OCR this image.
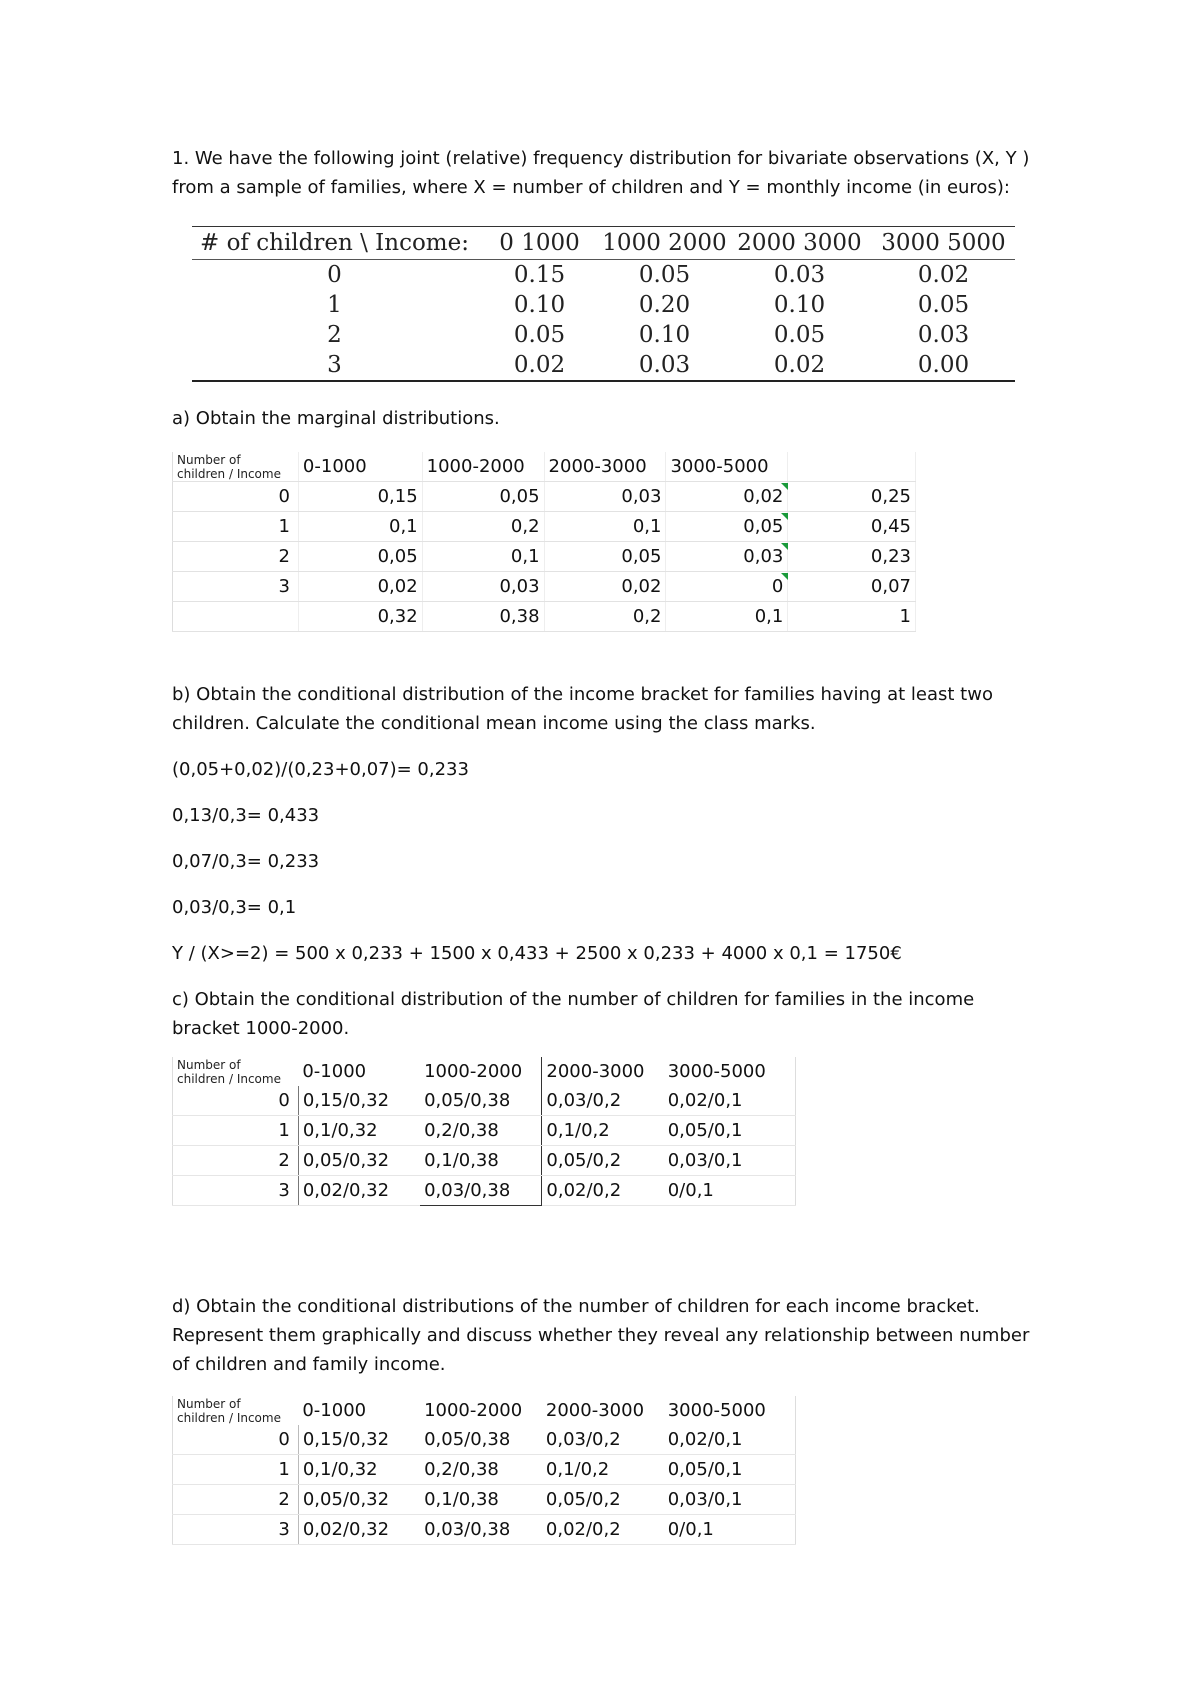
1. We have the following joint (relative) frequency distribution for bivariate observations (X, Y )

from a sample of families, where X = number of children and Y = monthly income (in euros):

# of children \ Income:	0 1000	1000 2000	2000 3000	3000 5000
0	0.15	0.05	0.03	0.02
1	0.10	0.20	0.10	0.05
2	0.05	0.10	0.05	0.03
3	0.02	0.03	0.02	0.00

a) Obtain the marginal distributions.

Number of
children / Income	0-1000	1000-2000	2000-3000	3000-5000	
0	0,15	0,05	0,03	0,02	0,25
1	0,1	0,2	0,1	0,05	0,45
2	0,05	0,1	0,05	0,03	0,23
3	0,02	0,03	0,02	0	0,07
	0,32	0,38	0,2	0,1	1

b) Obtain the conditional distribution of the income bracket for families having at least two

children. Calculate the conditional mean income using the class marks.

(0,05+0,02)/(0,23+0,07)= 0,233

0,13/0,3= 0,433

0,07/0,3= 0,233

0,03/0,3= 0,1

Y / (X>=2) = 500 x 0,233 + 1500 x 0,433 + 2500 x 0,233 + 4000 x 0,1 = 1750€

c) Obtain the conditional distribution of the number of children for families in the income

bracket 1000-2000.

Number of
children / Income	0-1000	1000-2000	2000-3000	3000-5000
0	0,15/0,32	0,05/0,38	0,03/0,2	0,02/0,1
1	0,1/0,32	0,2/0,38	0,1/0,2	0,05/0,1
2	0,05/0,32	0,1/0,38	0,05/0,2	0,03/0,1
3	0,02/0,32	0,03/0,38	0,02/0,2	0/0,1

d) Obtain the conditional distributions of the number of children for each income bracket.

Represent them graphically and discuss whether they reveal any relationship between number

of children and family income.

Number of
children / Income	0-1000	1000-2000	2000-3000	3000-5000
0	0,15/0,32	0,05/0,38	0,03/0,2	0,02/0,1
1	0,1/0,32	0,2/0,38	0,1/0,2	0,05/0,1
2	0,05/0,32	0,1/0,38	0,05/0,2	0,03/0,1
3	0,02/0,32	0,03/0,38	0,02/0,2	0/0,1
